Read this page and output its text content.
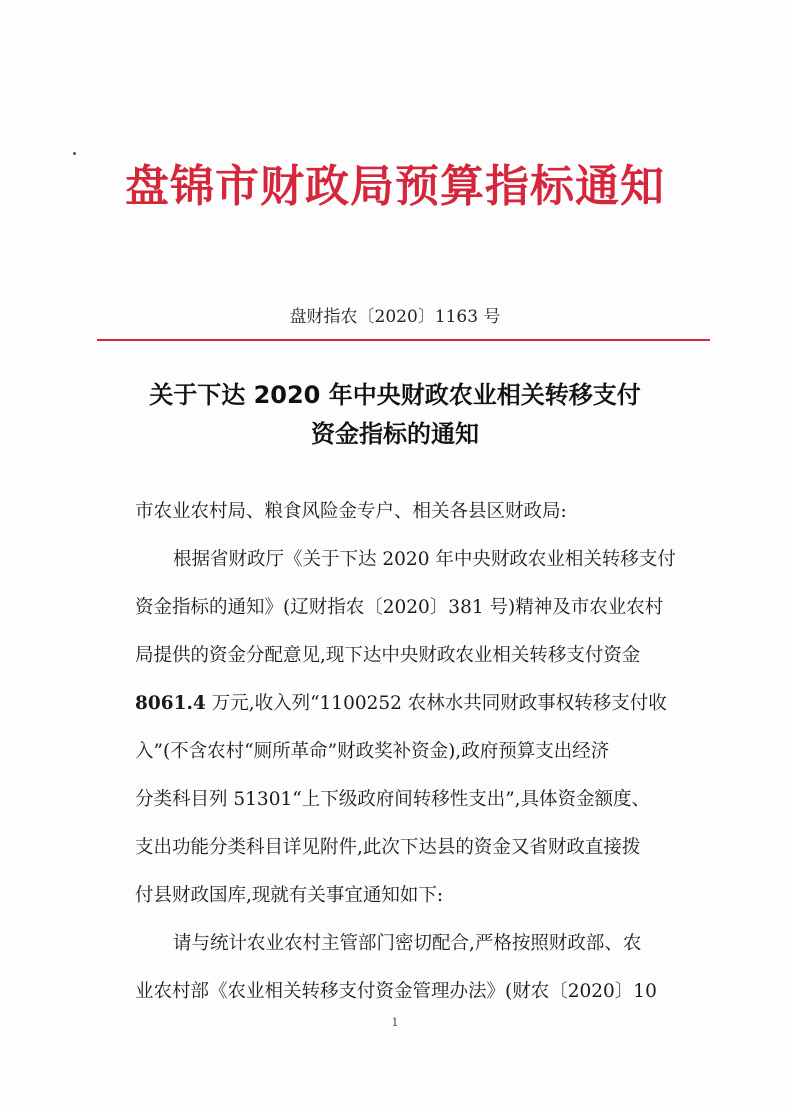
盘锦市财政局预算指标通知
盘财指农〔2020〕1163 号
关于下达 2020 年中央财政农业相关转移支付
资金指标的通知
市农业农村局、粮食风险金专户、相关各县区财政局:
根据省财政厅《关于下达 2020 年中央财政农业相关转移支付
资金指标的通知》(辽财指农〔2020〕381 号)精神及市农业农村
局提供的资金分配意见,现下达中央财政农业相关转移支付资金
8061.4 万元,收入列“1100252 农林水共同财政事权转移支付收
入”(不含农村“厕所革命”财政奖补资金),政府预算支出经济
分类科目列 51301“上下级政府间转移性支出”,具体资金额度、
支出功能分类科目详见附件,此次下达县的资金又省财政直接拨
付县财政国库,现就有关事宜通知如下:
请与统计农业农村主管部门密切配合,严格按照财政部、农
业农村部《农业相关转移支付资金管理办法》(财农〔2020〕10
1
